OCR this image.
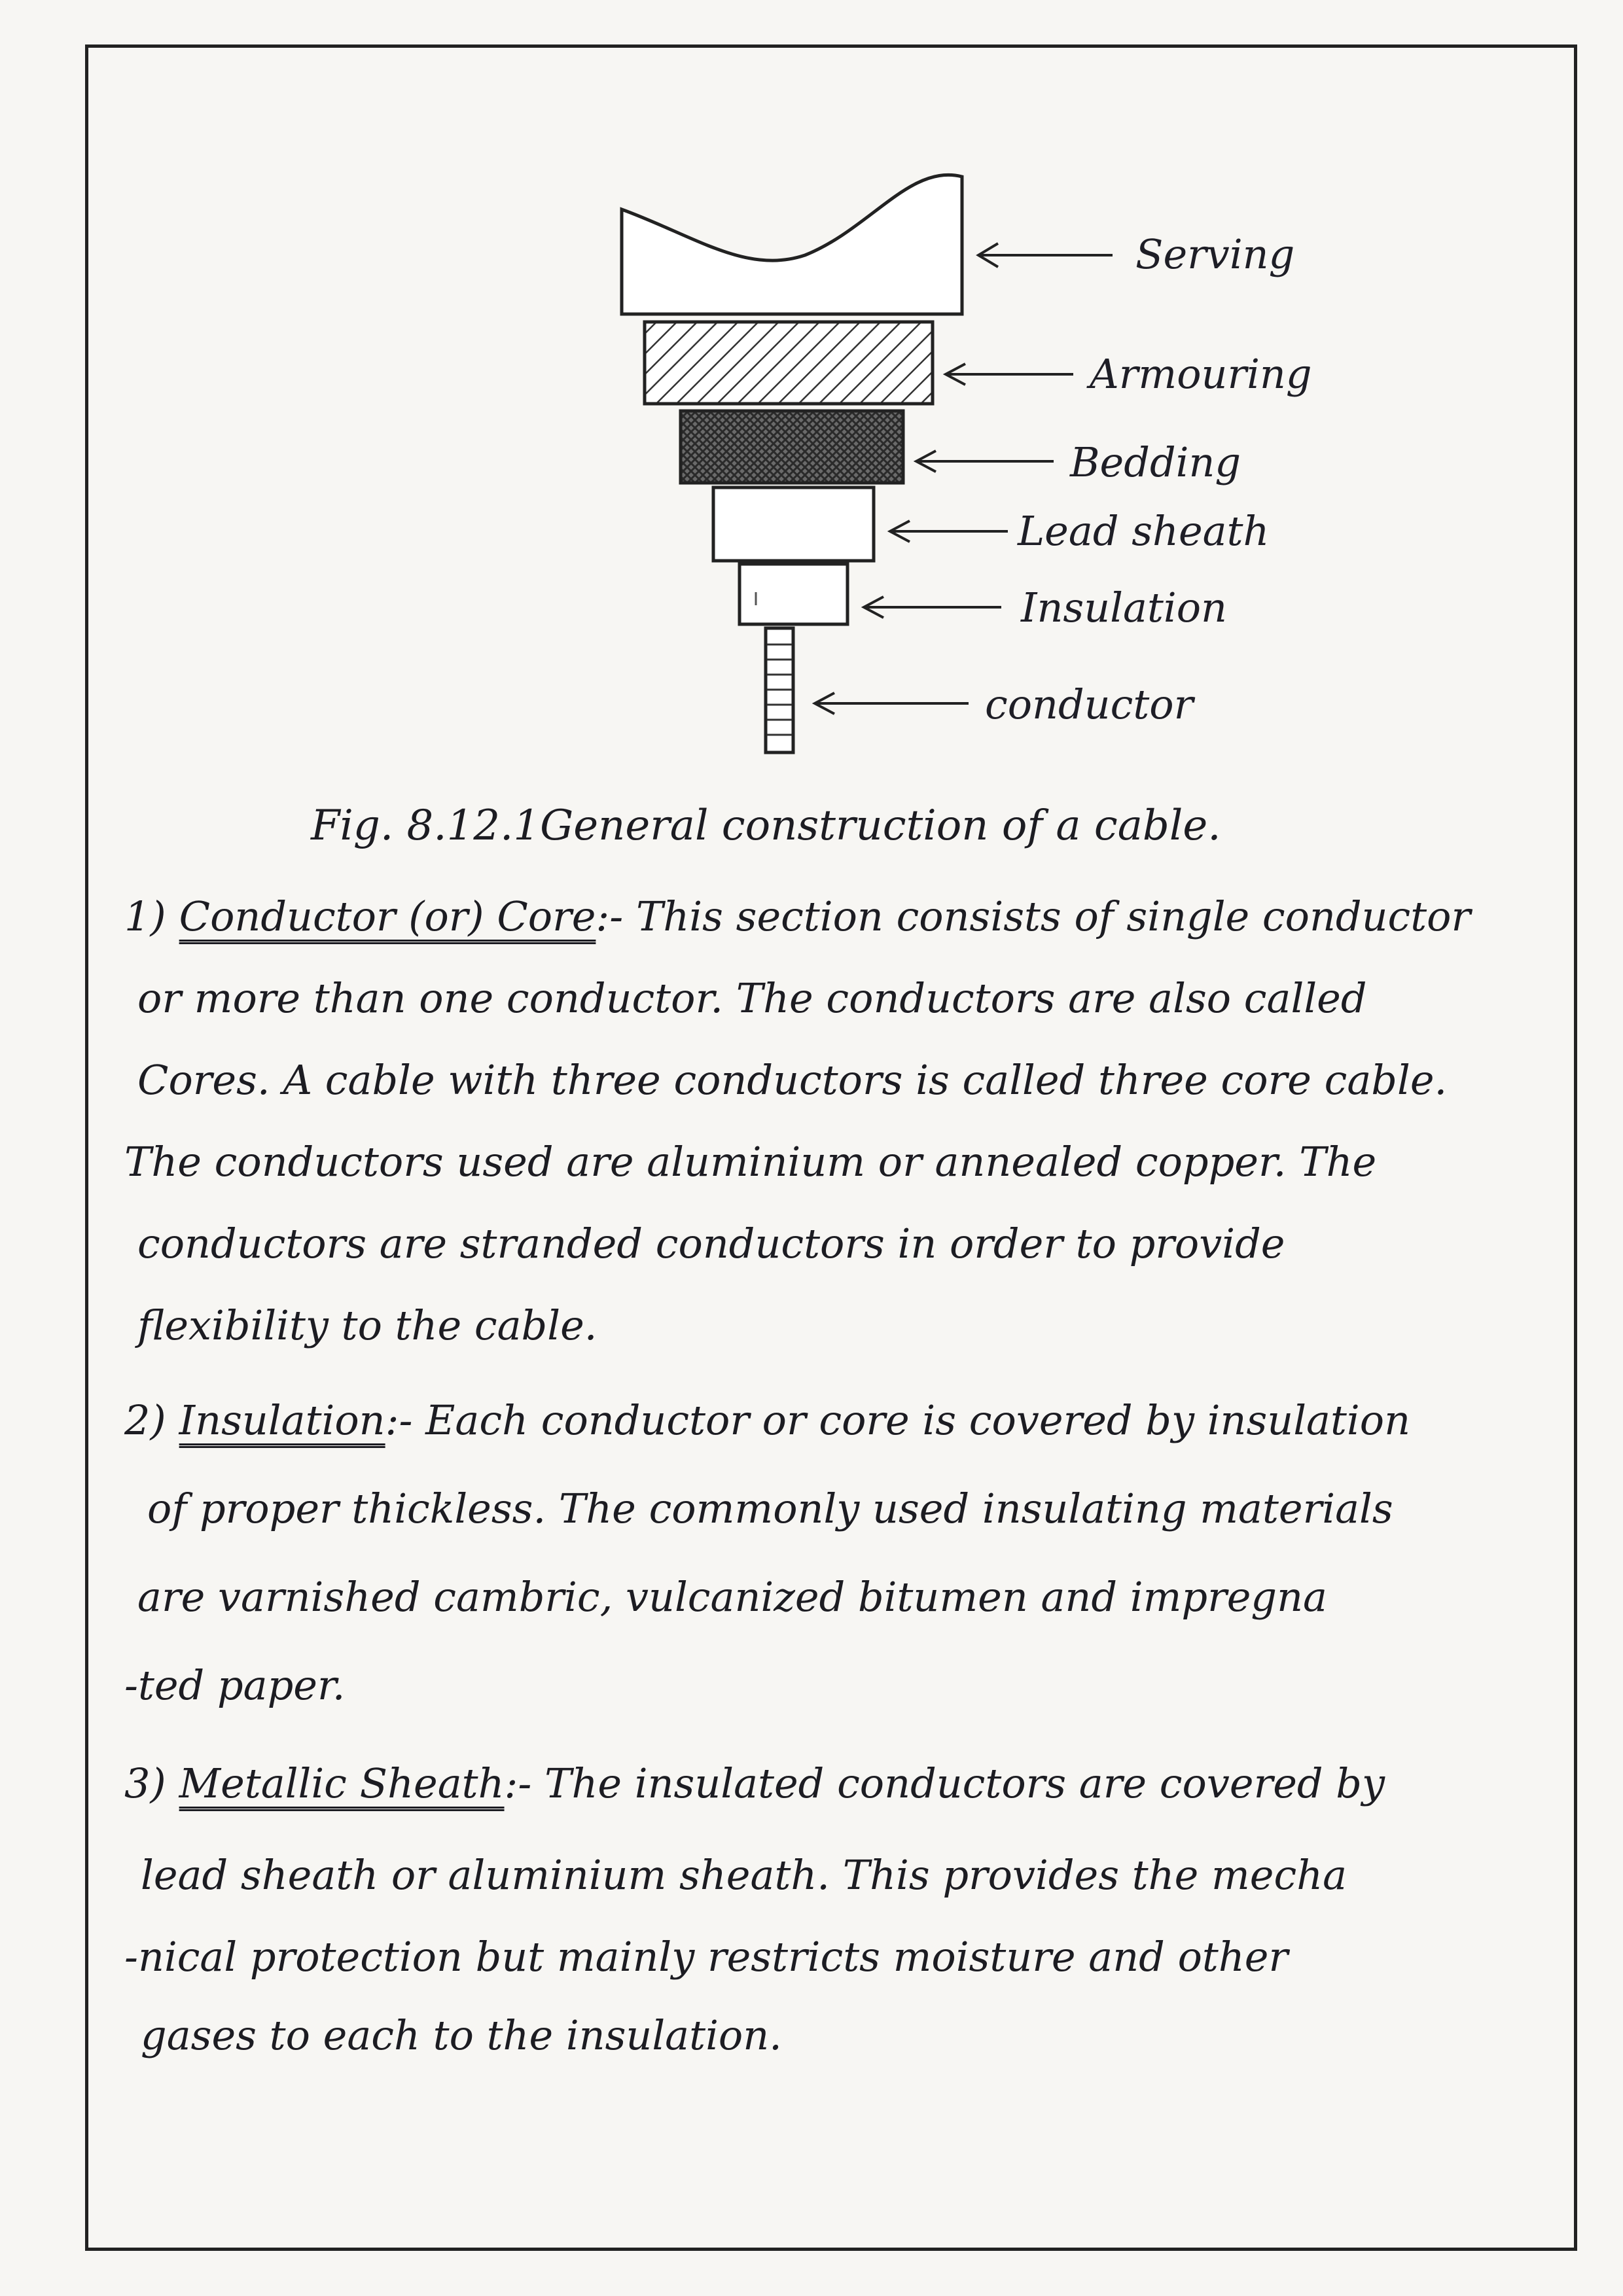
Serving
Armouring
Bedding
Lead sheath
Insulation
conductor
Fig. 8.12.1General construction of a cable.
1) Conductor (or) Core:- This section consists of single conductor
or more than one conductor. The conductors are also called
Cores. A cable with three conductors is called three core cable.
The conductors used are aluminium or annealed copper. The
conductors are stranded conductors in order to provide
flexibility to the cable.
2) Insulation:- Each conductor or core is covered by insulation
of proper thickless. The commonly used insulating materials
are varnished cambric, vulcanized bitumen and impregna
-ted paper.
3) Metallic Sheath:- The insulated conductors are covered by
lead sheath or aluminium sheath. This provides the mecha
-nical protection but mainly restricts moisture and other
gases to each to the insulation.
